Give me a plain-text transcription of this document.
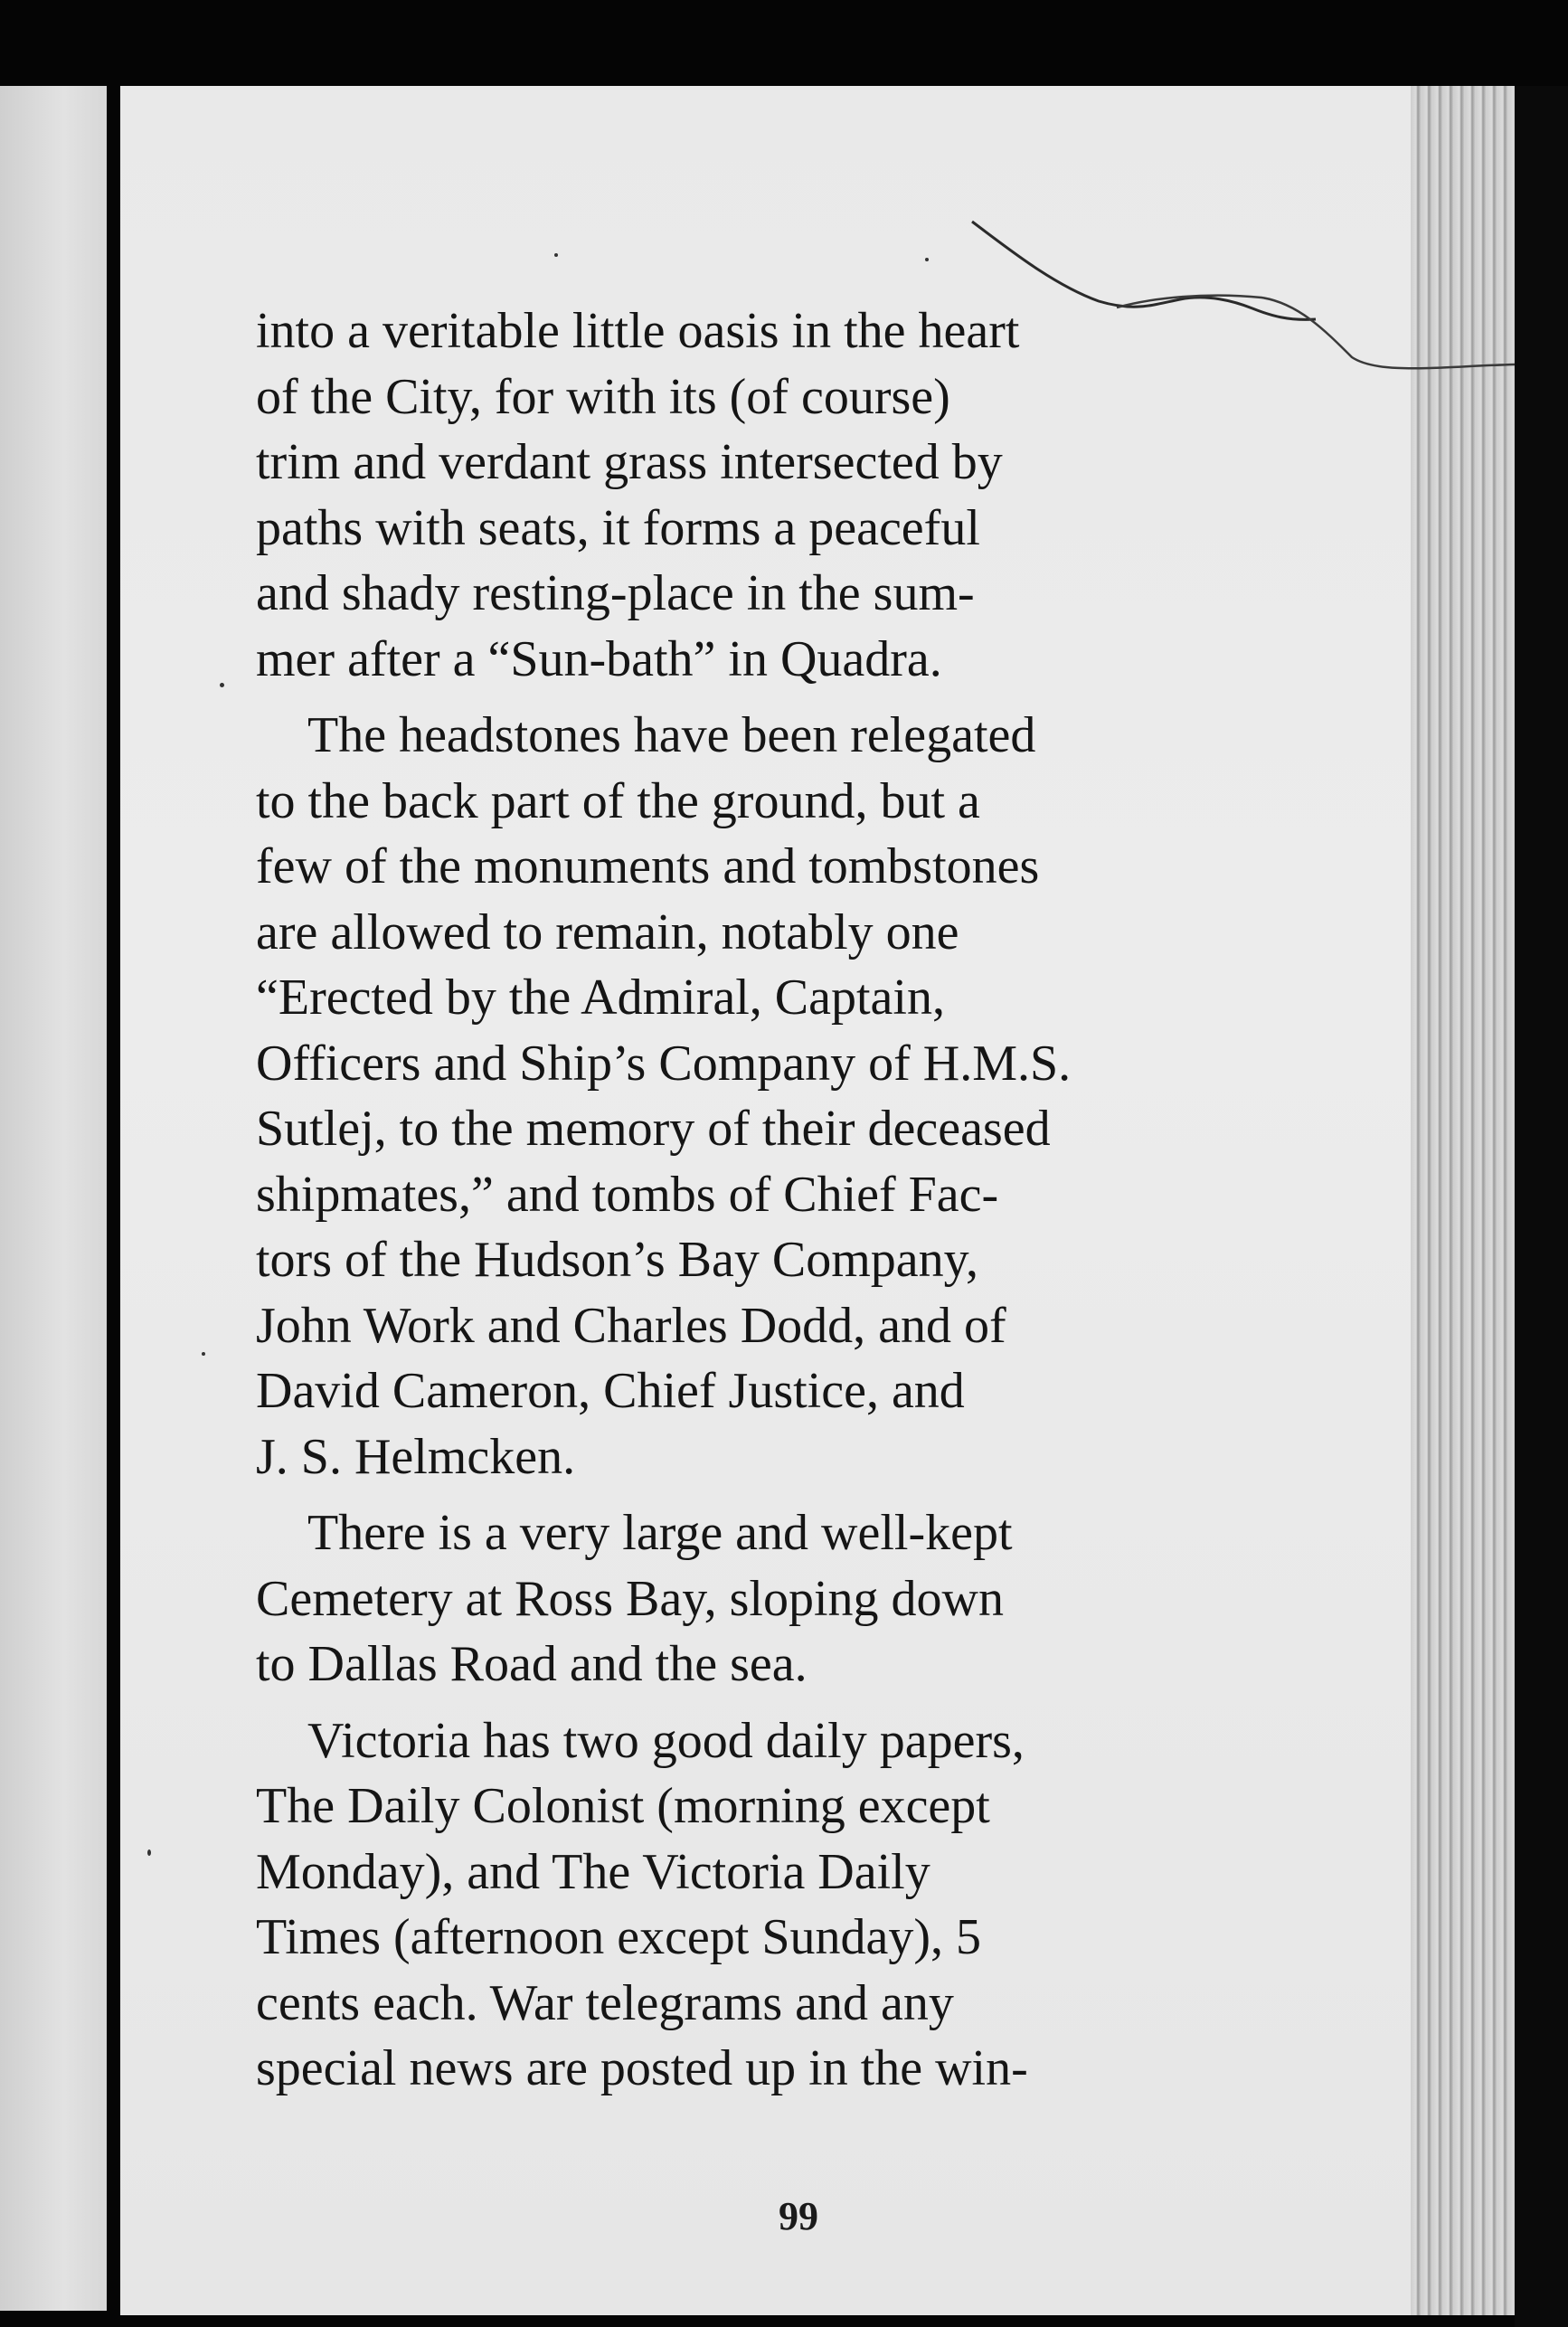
into a veritable little oasis in the heart
of the City, for with its (of course)
trim and verdant grass intersected by
paths with seats, it forms a peaceful
and shady resting-place in the sum-
mer after a “Sun-bath” in Quadra.

The headstones have been relegated
to the back part of the ground, but a
few of the monuments and tombstones
are allowed to remain, notably one
“Erected by the Admiral, Captain,
Officers and Ship’s Company of H.M.S.
Sutlej, to the memory of their deceased
shipmates,” and tombs of Chief Fac-
tors of the Hudson’s Bay Company,
John Work and Charles Dodd, and of
David Cameron, Chief Justice, and
J. S. Helmcken.

There is a very large and well-kept
Cemetery at Ross Bay, sloping down
to Dallas Road and the sea.

Victoria has two good daily papers,
The Daily Colonist (morning except
Monday), and The Victoria Daily
Times (afternoon except Sunday), 5
cents each. War telegrams and any
special news are posted up in the win-

99
